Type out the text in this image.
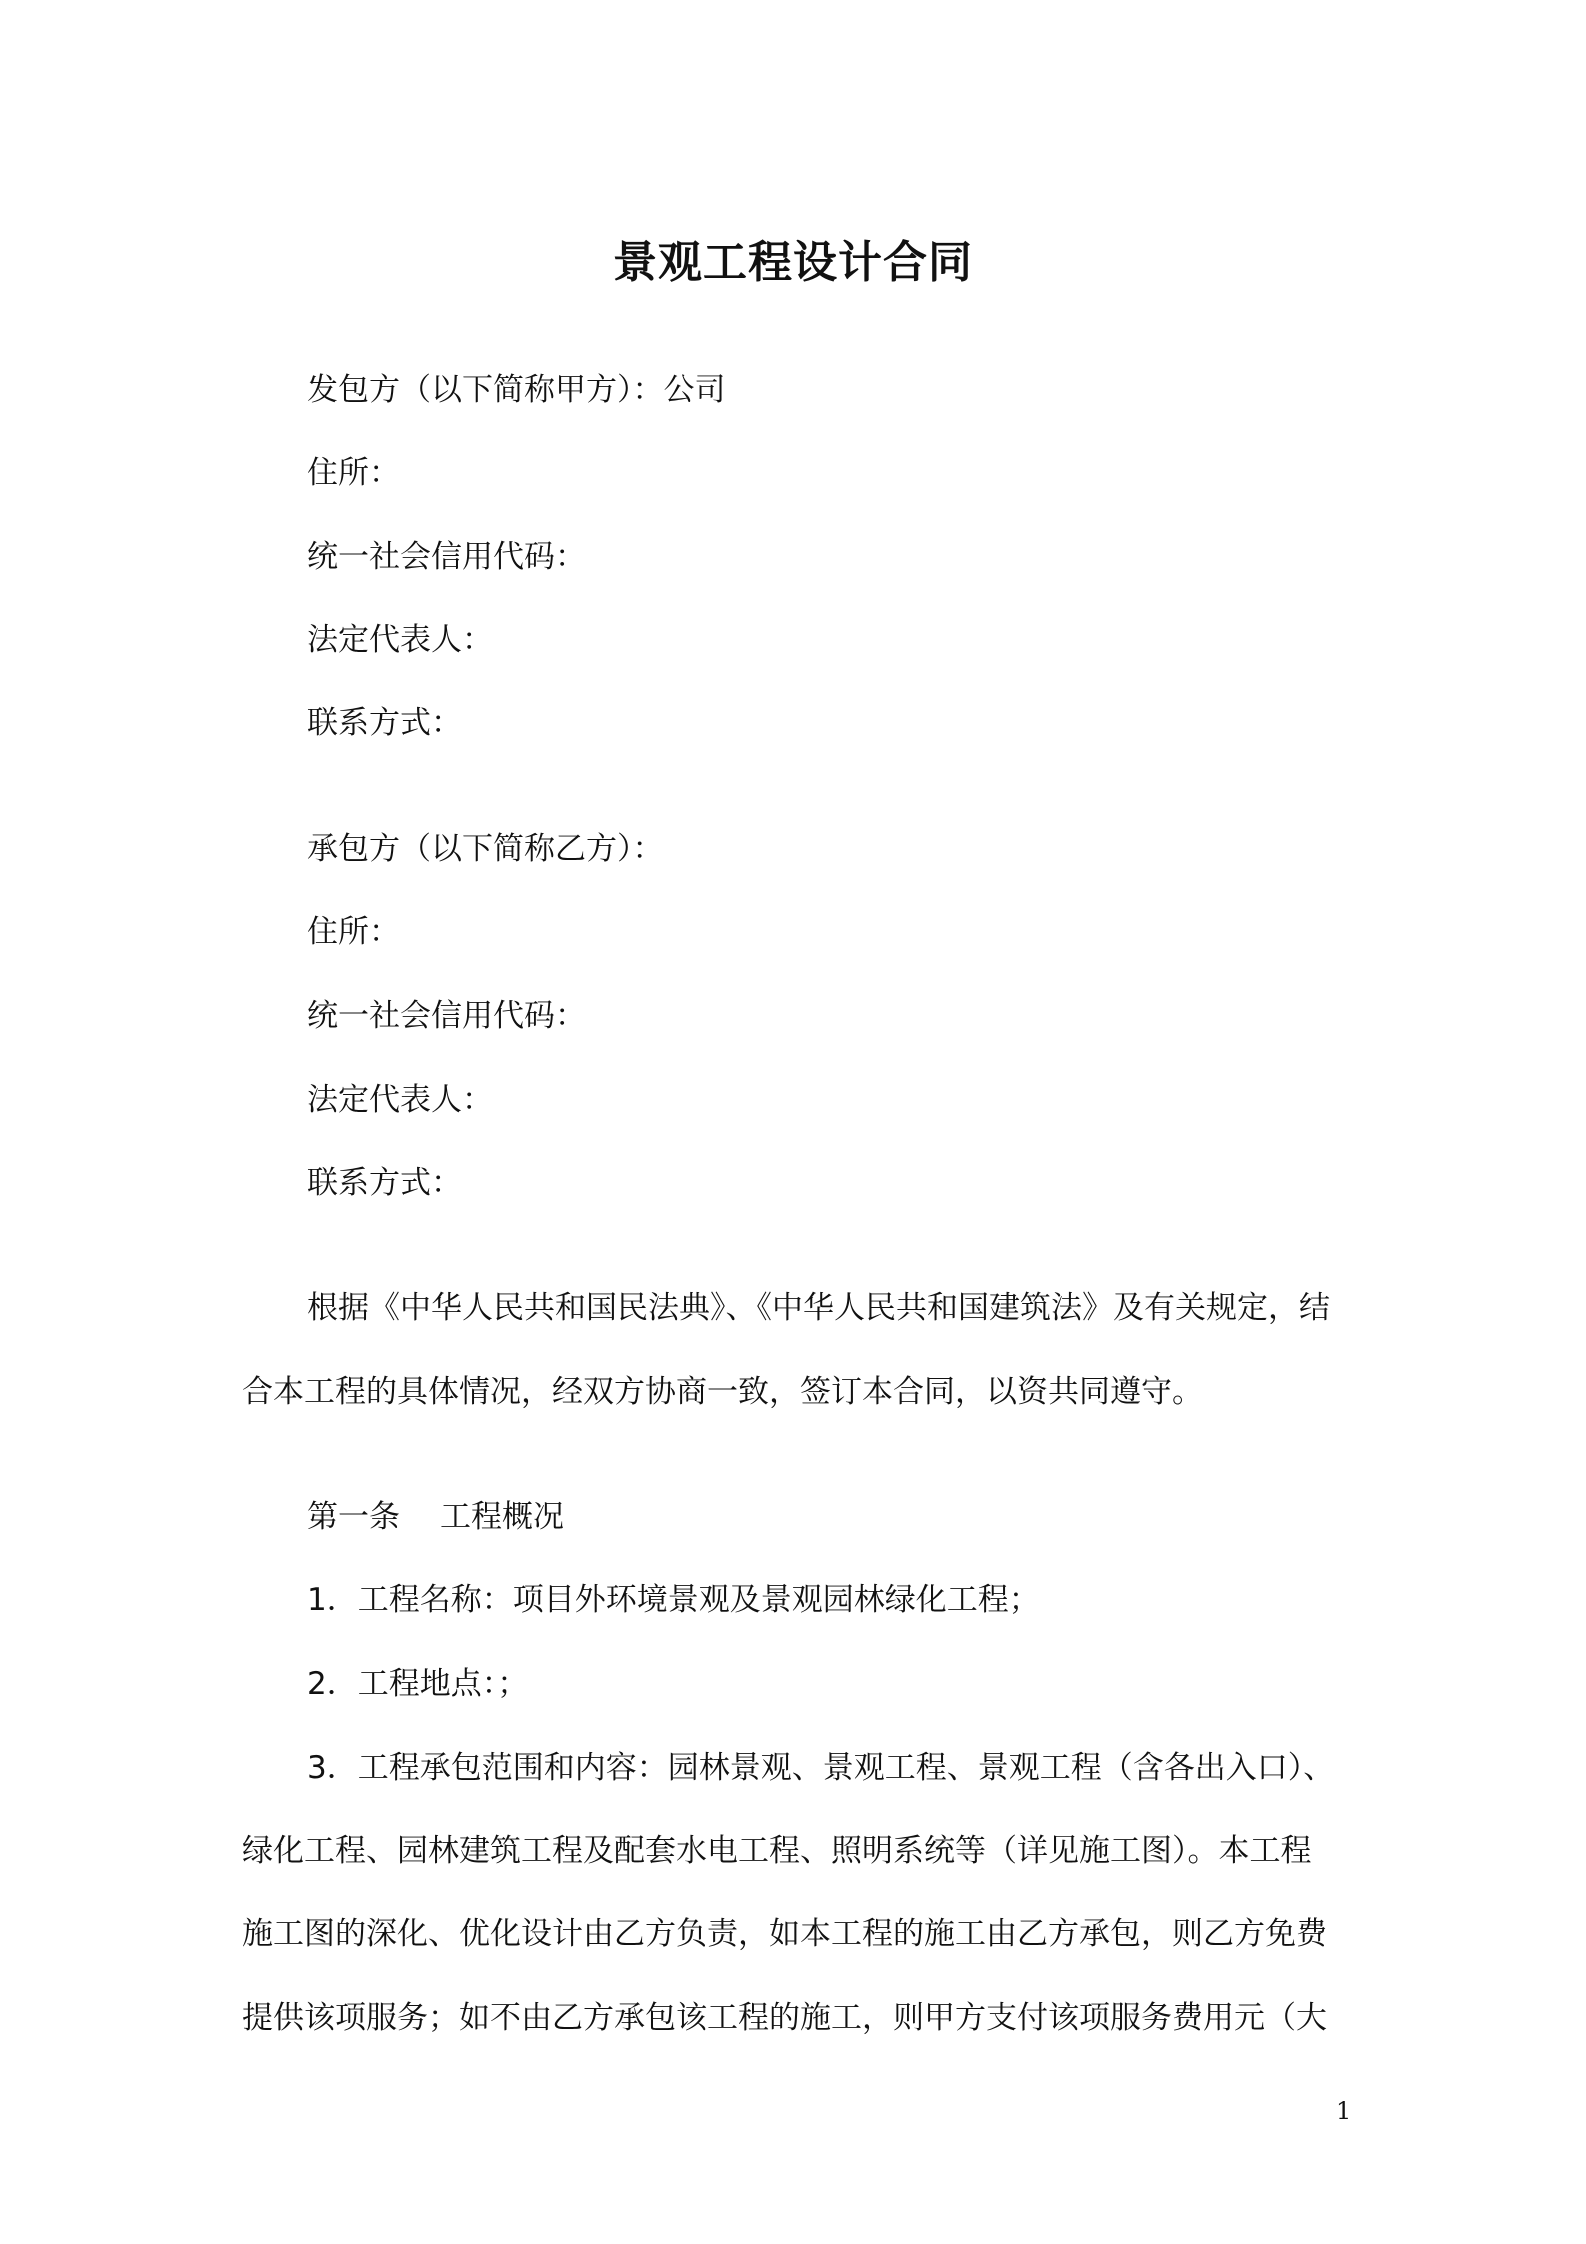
景观工程设计合同
发包方（以下简称甲方）：公司
住所：
统一社会信用代码：
法定代表人：
联系方式：
承包方（以下简称乙方）：
住所：
统一社会信用代码：
法定代表人：
联系方式：
根据《中华人民共和国民法典》、《中华人民共和国建筑法》及有关规定，结
合本工程的具体情况，经双方协商一致，签订本合同，以资共同遵守。
第一条 工程概况
1．工程名称：项目外环境景观及景观园林绿化工程；
2．工程地点：；
3．工程承包范围和内容：园林景观、景观工程、景观工程（含各出入口）、
绿化工程、园林建筑工程及配套水电工程、照明系统等（详见施工图）。本工程
施工图的深化、优化设计由乙方负责，如本工程的施工由乙方承包，则乙方免费
提供该项服务；如不由乙方承包该工程的施工，则甲方支付该项服务费用元（大
1
